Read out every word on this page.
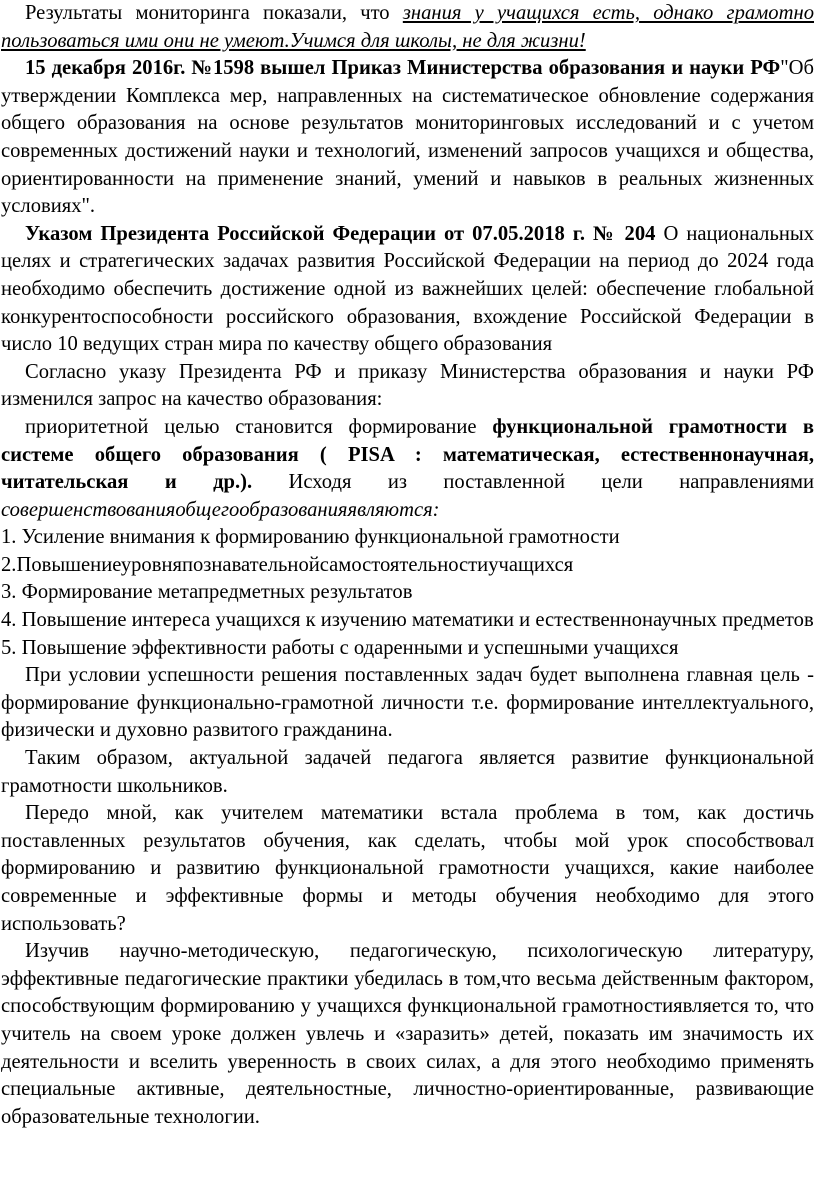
Результаты мониторинга показали, что знания у учащихся есть, однако грамотно пользоваться ими они не умеют.Учимся для школы, не для жизни!

15 декабря 2016г. №1598 вышел Приказ Министерства образования и науки РФ"Об утверждении Комплекса мер, направленных на систематическое обновление содержания общего образования на основе результатов мониторинговых исследований и с учетом современных достижений науки и технологий, изменений запросов учащихся и общества, ориентированности на применение знаний, умений и навыков в реальных жизненных условиях".

Указом Президента Российской Федерации от 07.05.2018 г. № 204 О национальных целях и стратегических задачах развития Российской Федерации на период до 2024 года необходимо обеспечить достижение одной из важнейших целей: обеспечение глобальной конкурентоспособности российского образования, вхождение Российской Федерации в число 10 ведущих стран мира по качеству общего образования

Согласно указу Президента РФ и приказу Министерства образования и науки РФ изменился запрос на качество образования:

приоритетной целью становится формирование функциональной грамотности в системе общего образования ( PISA : математическая, естественнонаучная, читательская и др.). Исходя из поставленной цели направлениями совершенствованияобщегообразованияявляются:

1. Усиление внимания к формированию функциональной грамотности

2.Повышениеуровняпознавательнойсамостоятельностиучащихся

3. Формирование метапредметных результатов

4. Повышение интереса учащихся к изучению математики и естественнонаучных предметов

5. Повышение эффективности работы с одаренными и успешными учащихся

При условии успешности решения поставленных задач будет выполнена главная цель - формирование функционально-грамотной личности т.е. формирование интеллектуального, физически и духовно развитого гражданина.

Таким образом, актуальной задачей педагога является развитие функциональной грамотности школьников.

Передо мной, как учителем математики встала проблема в том, как достичь поставленных результатов обучения, как сделать, чтобы мой урок способствовал формированию и развитию функциональной грамотности учащихся, какие наиболее современные и эффективные формы и методы обучения необходимо для этого использовать?

Изучив научно-методическую, педагогическую, психологическую литературу, эффективные педагогические практики убедилась в том,что весьма действенным фактором, способствующим формированию у учащихся функциональной грамотностиявляется то, что учитель на своем уроке должен увлечь и «заразить» детей, показать им значимость их деятельности и вселить уверенность в своих силах, а для этого необходимо применять специальные активные, деятельностные, личностно-ориентированные, развивающие образовательные технологии.
